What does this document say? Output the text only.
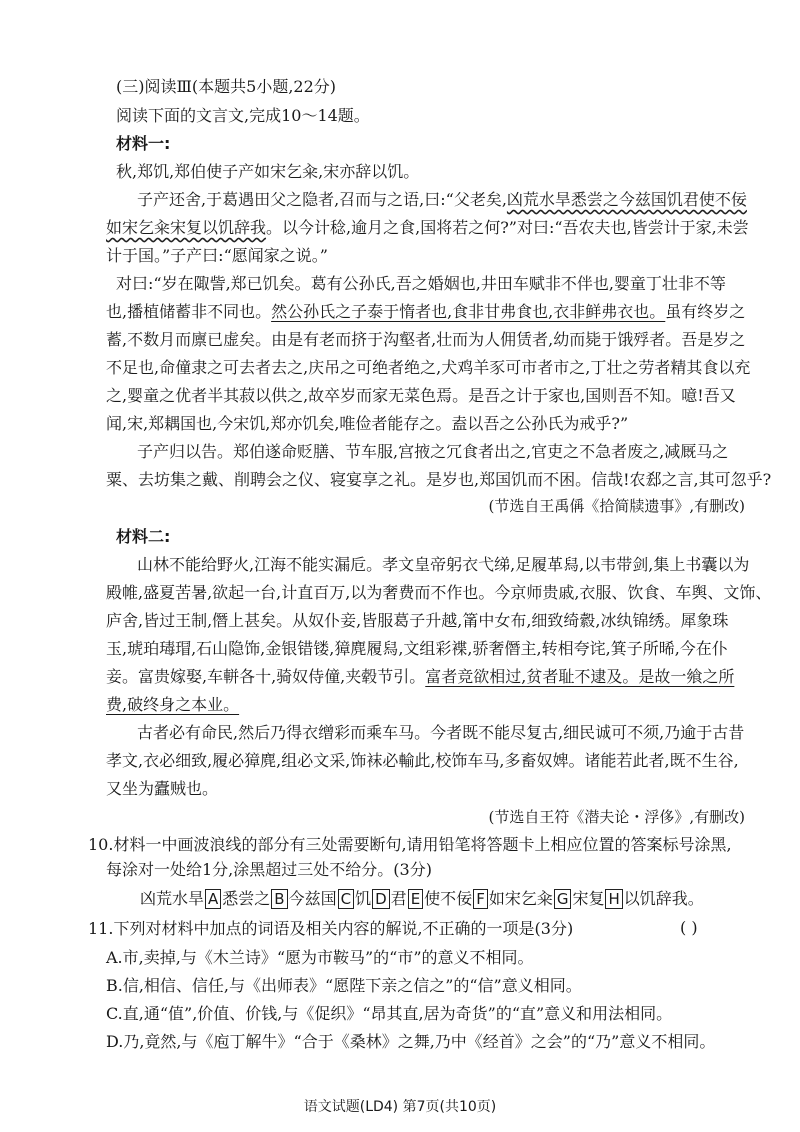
(三)阅读Ⅲ(本题共5小题,22分)
阅读下面的文言文,完成10～14题。
材料一:
秋,郑饥,郑伯使子产如宋乞籴,宋亦辞以饥。
子产还舍,于葛遇田父之隐者,召而与之语,曰:“父老矣,凶荒水旱悉尝之今兹国饥君使不佞
如宋乞籴宋复以饥辞我。以今计稔,逾月之食,国将若之何?”对曰:“吾农夫也,皆尝计于家,未尝
计于国。”子产曰:“愿闻家之说。”
对曰:“岁在陬訾,郑已饥矣。葛有公孙氏,吾之婚姻也,井田车赋非不伴也,婴童丁壮非不等
也,播植储蓄非不同也。然公孙氏之子泰于惰者也,食非甘弗食也,衣非鲜弗衣也。虽有终岁之
蓄,不数月而廪已虚矣。由是有老而挤于沟壑者,壮而为人佣赁者,幼而毙于饿殍者。吾是岁之
不足也,命僮隶之可去者去之,庆吊之可绝者绝之,犬鸡羊豕可市者市之,丁壮之劳者精其食以充
之,婴童之优者半其菽以供之,故卒岁而家无菜色焉。是吾之计于家也,国则吾不知。噫!吾又
闻,宋,郑耦国也,今宋饥,郑亦饥矣,唯俭者能存之。盍以吾之公孙氏为戒乎?”
子产归以告。郑伯遂命贬膳、节车服,宫掖之冗食者出之,官吏之不急者废之,减厩马之
粟、去坊集之戴、削聘会之仪、寝宴享之礼。是岁也,郑国饥而不困。信哉!农郄之言,其可忽乎?
(节选自王禹偁《拾简牍遗事》,有删改)
材料二:
山林不能给野火,江海不能实漏卮。孝文皇帝躬衣弋绨,足履革舄,以韦带剑,集上书囊以为
殿帷,盛夏苦暑,欲起一台,计直百万,以为奢费而不作也。今京师贵戚,衣服、饮食、车舆、文饰、
庐舍,皆过王制,僭上甚矣。从奴仆妾,皆服葛子升越,筩中女布,细致绮縠,冰纨锦绣。犀象珠
玉,琥珀瑇瑁,石山隐饰,金银错镂,獐麂履舄,文组彩褋,骄奢僭主,转相夸诧,箕子所晞,今在仆
妾。富贵嫁娶,车軿各十,骑奴侍僮,夹毂节引。富者竞欲相过,贫者耻不逮及。是故一飨之所
费,破终身之本业。
古者必有命民,然后乃得衣缯彩而乘车马。今者既不能尽复古,细民诚可不须,乃逾于古昔
孝文,衣必细致,履必獐麂,组必文采,饰袜必輸此,校饰车马,多畜奴婢。诸能若此者,既不生谷,
又坐为蠹贼也。
(节选自王符《潜夫论・浮侈》,有删改)
10.材料一中画波浪线的部分有三处需要断句,请用铅笔将答题卡上相应位置的答案标号涂黑,
每涂对一处给1分,涂黑超过三处不给分。(3分)
凶荒水旱 A 悉尝之 B 今兹国 C 饥 D 君 E 使不佞 F 如宋乞籴 G 宋复 H 以饥辞我。
11.下列对材料中加点的词语及相关内容的解说,不正确的一项是(3分)	( )
A.市,卖掉,与《木兰诗》“愿为市鞍马”的“市”的意义不相同。
B.信,相信、信任,与《出师表》“愿陛下亲之信之”的“信”意义相同。
C.直,通“值”,价值、价钱,与《促织》“昂其直,居为奇货”的“直”意义和用法相同。
D.乃,竟然,与《庖丁解牛》“合于《桑林》之舞,乃中《经首》之会”的“乃”意义不相同。
语文试题(LD4) 第7页(共10页)
